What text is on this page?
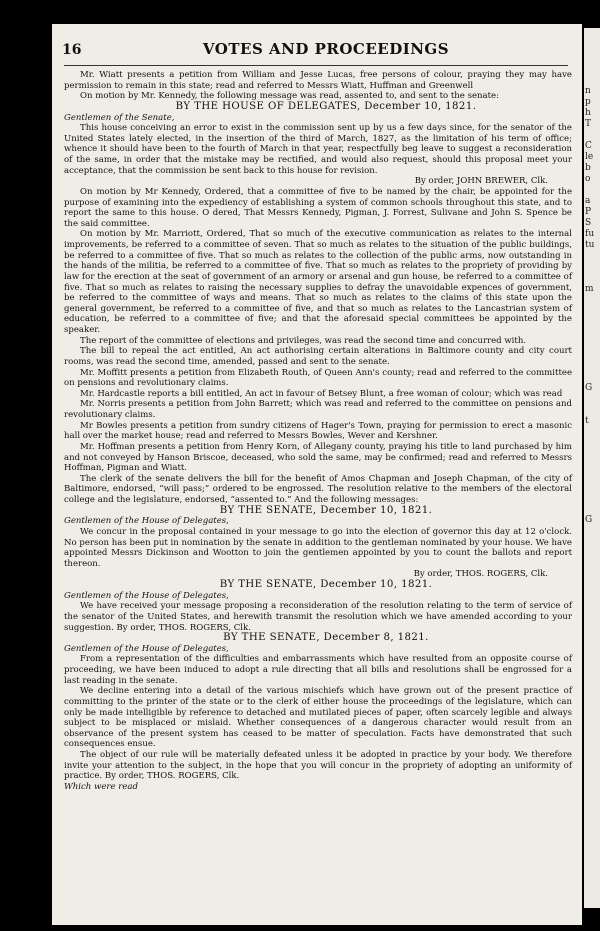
n
p
h
T
C
le
b
o
a
P
S
fu
tu
m
G
t
G
16	VOTES AND PROCEEDINGS

Mr. Wiatt presents a petition from William and Jesse Lucas, free persons of colour, praying they may have permission to remain in this state; read and referred to Messrs Wiatt, Huffman and Greenwell

On motion by Mr. Kennedy, the following message was read, assented to, and sent to the senate:

BY THE HOUSE OF DELEGATES, December 10, 1821.

Gentlemen of the Senate,

This house conceiving an error to exist in the commission sent up by us a few days since, for the senator of the United States lately elected, in the insertion of the third of March, 1827, as the limitation of his term of office; whence it should have been to the fourth of March in that year, respectfully beg leave to suggest a reconsideration of the same, in order that the mistake may be rectified, and would also request, should this proposal meet your acceptance, that the commission be sent back to this house for revision.

By order, JOHN BREWER, Clk.

On motion by Mr Kennedy, Ordered, that a committee of five to be named by the chair, be appointed for the purpose of examining into the expediency of establishing a system of common schools throughout this state, and to report the same to this house. O dered, That Messrs Kennedy, Pigman, J. Forrest, Sulivane and John S. Spence be the said committee.

On motion by Mr. Marriott, Ordered, That so much of the executive communication as relates to the internal improvements, be referred to a committee of seven. That so much as relates to the situation of the public buildings, be referred to a committee of five. That so much as relates to the collection of the public arms, now outstanding in the hands of the militia, be referred to a committee of five. That so much as relates to the propriety of providing by law for the erection at the seat of government of an armory or arsenal and gun house, be referred to a committee of five. That so much as relates to raising the necessary supplies to defray the unavoidable expences of government, be referred to the committee of ways and means. That so much as relates to the claims of this state upon the general government, be referred to a committee of five, and that so much as relates to the Lancastrian system of education, be referred to a committee of five; and that the aforesaid special committees be appointed by the speaker.

The report of the committee of elections and privileges, was read the second time and concurred with.

The bill to repeal the act entitled, An act authorising certain alterations in Baltimore county and city court rooms, was read the second time, amended, passed and sent to the senate.

Mr. Moffitt presents a petition from Elizabeth Routh, of Queen Ann's county; read and referred to the committee on pensions and revolutionary claims.

Mr. Hardcastle reports a bill entitled, An act in favour of Betsey Blunt, a free woman of colour; which was read

Mr. Norris presents a petition from John Barrett; which was read and referred to the committee on pensions and revolutionary claims.

Mr Bowles presents a petition from sundry citizens of Hager's Town, praying for permission to erect a masonic hall over the market house; read and referred to Messrs Bowles, Wever and Kershner.

Mr. Hoffman presents a petition from Henry Korn, of Allegany county, praying his title to land purchased by him and not conveyed by Hanson Briscoe, deceased, who sold the same, may be confirmed; read and referred to Messrs Hoffman, Pigman and Wiatt.

The clerk of the senate delivers the bill for the benefit of Amos Chapman and Joseph Chapman, of the city of Baltimore, endorsed, “will pass;” ordered to be engrossed. The resolution relative to the members of the electoral college and the legislature, endorsed, “assented to.” And the following messages:

BY THE SENATE, December 10, 1821.

Gentlemen of the House of Delegates,

We concur in the proposal contained in your message to go into the election of governor this day at 12 o'clock. No person has been put in nomination by the senate in addition to the gentleman nominated by your house. We have appointed Messrs Dickinson and Wootton to join the gentlemen appointed by you to count the ballots and report thereon.

By order, THOS. ROGERS, Clk.

BY THE SENATE, December 10, 1821.

Gentlemen of the House of Delegates,

We have received your message proposing a reconsideration of the resolution relating to the term of service of the senator of the United States, and herewith transmit the resolution which we have amended according to your suggestion. By order, THOS. ROGERS, Clk.

BY THE SENATE, December 8, 1821.

Gentlemen of the House of Delegates,

From a representation of the difficulties and embarrassments which have resulted from an opposite course of proceeding, we have been induced to adopt a rule directing that all bills and resolutions shall be engrossed for a last reading in the senate.

We decline entering into a detail of the various mischiefs which have grown out of the present practice of committing to the printer of the state or to the clerk of either house the proceedings of the legislature, which can only be made intelligible by reference to detached and mutilated pieces of paper, often scarcely legible and always subject to be misplaced or mislaid. Whether consequences of a dangerous character would result from an observance of the present system has ceased to be matter of speculation. Facts have demonstrated that such consequences ensue.

The object of our rule will be materially defeated unless it be adopted in practice by your body. We therefore invite your attention to the subject, in the hope that you will concur in the propriety of adopting an uniformity of practice. By order, THOS. ROGERS, Clk.

Which were read
